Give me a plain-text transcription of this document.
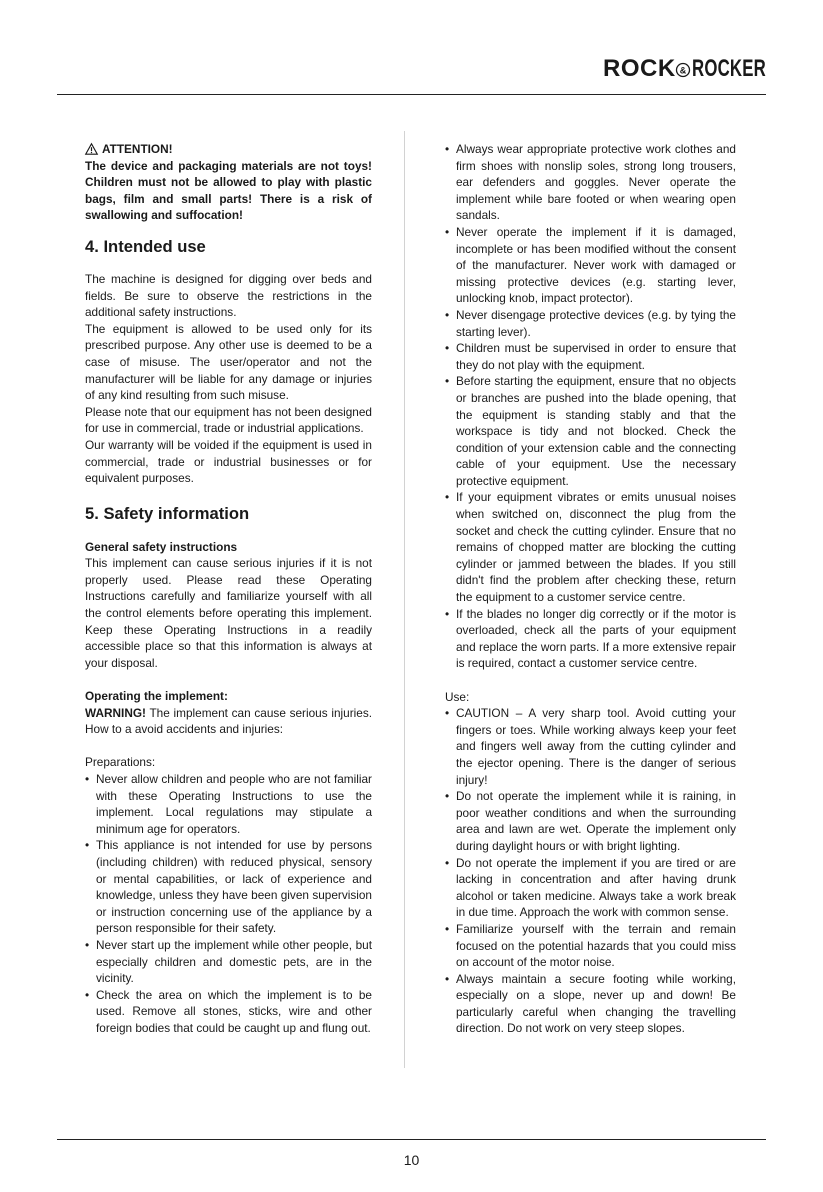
ROCK & ROCKER
ATTENTION!

The device and packaging materials are not toys! Children must not be allowed to play with plastic bags, film and small parts! There is a risk of swallowing and suffocation!

4. Intended use

The machine is designed for digging over beds and fields. Be sure to observe the restrictions in the additional safety instructions.

The equipment is allowed to be used only for its prescribed purpose. Any other use is deemed to be a case of misuse. The user/operator and not the manufacturer will be liable for any damage or injuries of any kind resulting from such misuse.

Please note that our equipment has not been designed for use in commercial, trade or industrial applications.

Our warranty will be voided if the equipment is used in commercial, trade or industrial businesses or for equivalent purposes.

5. Safety information

General safety instructions

This implement can cause serious injuries if it is not properly used. Please read these Operating Instructions carefully and familiarize yourself with all the control elements before operating this implement. Keep these Operating Instructions in a readily accessible place so that this information is always at your disposal.

Operating the implement:

WARNING! The implement can cause serious injuries. How to a avoid accidents and injuries:

Preparations:

• Never allow children and people who are not familiar with these Operating Instructions to use the implement. Local regulations may stipulate a minimum age for operators.
• This appliance is not intended for use by persons (including children) with reduced physical, sensory or mental capabilities, or lack of experience and knowledge, unless they have been given supervision or instruction concerning use of the appliance by a person responsible for their safety.
• Never start up the implement while other people, but especially children and domestic pets, are in the vicinity.
• Check the area on which the implement is to be used. Remove all stones, sticks, wire and other foreign bodies that could be caught up and flung out.
• Always wear appropriate protective work clothes and firm shoes with nonslip soles, strong long trousers, ear defenders and goggles. Never operate the implement while bare footed or when wearing open sandals.
• Never operate the implement if it is damaged, incomplete or has been modified without the consent of the manufacturer. Never work with damaged or missing protective devices (e.g. starting lever, unlocking knob, impact protector).
• Never disengage protective devices (e.g. by tying the starting lever).
• Children must be supervised in order to ensure that they do not play with the equipment.
• Before starting the equipment, ensure that no objects or branches are pushed into the blade opening, that the equipment is standing stably and that the workspace is tidy and not blocked. Check the condition of your extension cable and the connecting cable of your equipment. Use the necessary protective equipment.
• If your equipment vibrates or emits unusual noises when switched on, disconnect the plug from the socket and check the cutting cylinder. Ensure that no remains of chopped matter are blocking the cutting cylinder or jammed between the blades. If you still didn't find the problem after checking these, return the equipment to a customer service centre.
• If the blades no longer dig correctly or if the motor is overloaded, check all the parts of your equipment and replace the worn parts. If a more extensive repair is required, contact a customer service centre.

Use:

• CAUTION – A very sharp tool. Avoid cutting your fingers or toes. While working always keep your feet and fingers well away from the cutting cylinder and the ejector opening. There is the danger of serious injury!
• Do not operate the implement while it is raining, in poor weather conditions and when the surrounding area and lawn are wet. Operate the implement only during daylight hours or with bright lighting.
• Do not operate the implement if you are tired or are lacking in concentration and after having drunk alcohol or taken medicine. Always take a work break in due time. Approach the work with common sense.
• Familiarize yourself with the terrain and remain focused on the potential hazards that you could miss on account of the motor noise.
• Always maintain a secure footing while working, especially on a slope, never up and down! Be particularly careful when changing the travelling direction. Do not work on very steep slopes.
10
